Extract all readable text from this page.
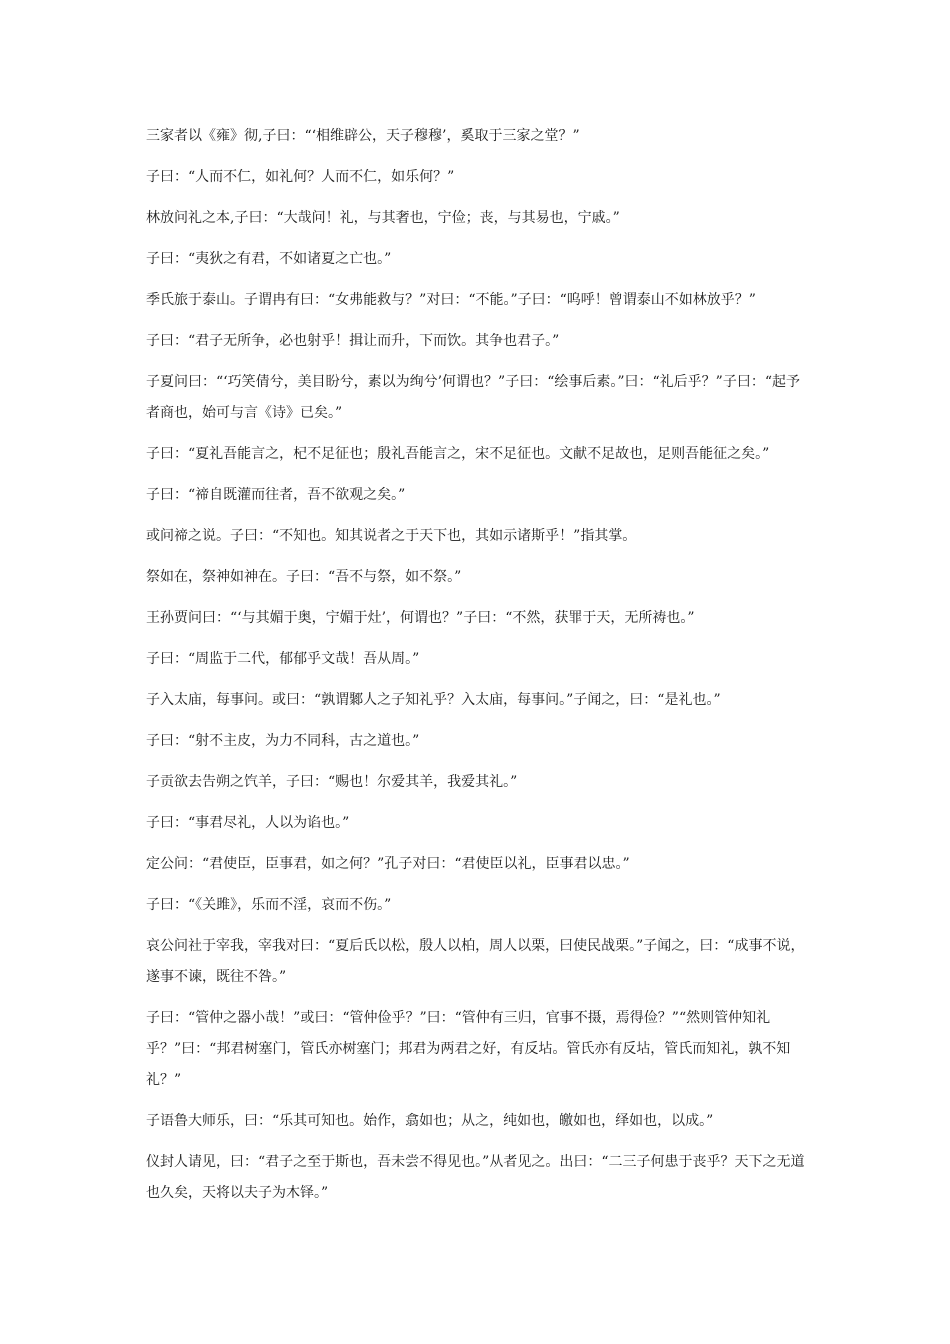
三家者以《雍》彻,子曰：“‘相维辟公，天子穆穆’，奚取于三家之堂？”

子曰：“人而不仁，如礼何？人而不仁，如乐何？”

林放问礼之本,子曰：“大哉问！礼，与其奢也，宁俭；丧，与其易也，宁戚。”

子曰：“夷狄之有君，不如诸夏之亡也。”

季氏旅于泰山。子谓冉有曰：“女弗能救与？”对曰：“不能。”子曰：“呜呼！曾谓泰山不如林放乎？”

子曰：“君子无所争，必也射乎！揖让而升，下而饮。其争也君子。”

子夏问曰：“‘巧笑倩兮，美目盼兮，素以为绚兮’何谓也？”子曰：“绘事后素。”曰：“礼后乎？”子曰：“起予者商也，始可与言《诗》已矣。”

子曰：“夏礼吾能言之，杞不足征也；殷礼吾能言之，宋不足征也。文献不足故也，足则吾能征之矣。”

子曰：“禘自既灌而往者，吾不欲观之矣。”

或问禘之说。子曰：“不知也。知其说者之于天下也，其如示诸斯乎！”指其掌。

祭如在，祭神如神在。子曰：“吾不与祭，如不祭。”

王孙贾问曰：“‘与其媚于奥，宁媚于灶’，何谓也？”子曰：“不然，获罪于天，无所祷也。”

子曰：“周监于二代，郁郁乎文哉！吾从周。”

子入太庙，每事问。或曰：“孰谓鄹人之子知礼乎？入太庙，每事问。”子闻之，曰：“是礼也。”

子曰：“射不主皮，为力不同科，古之道也。”

子贡欲去告朔之饩羊，子曰：“赐也！尔爱其羊，我爱其礼。”

子曰：“事君尽礼，人以为谄也。”

定公问：“君使臣，臣事君，如之何？”孔子对曰：“君使臣以礼，臣事君以忠。”

子曰：“《关雎》，乐而不淫，哀而不伤。”

哀公问社于宰我，宰我对曰：“夏后氏以松，殷人以柏，周人以栗，曰使民战栗。”子闻之，曰：“成事不说，遂事不谏，既往不咎。”

子曰：“管仲之器小哉！”或曰：“管仲俭乎？”曰：“管仲有三归，官事不摄，焉得俭？”“然则管仲知礼乎？”曰：“邦君树塞门，管氏亦树塞门；邦君为两君之好，有反坫。管氏亦有反坫，管氏而知礼，孰不知礼？”

子语鲁大师乐，曰：“乐其可知也。始作，翕如也；从之，纯如也，皦如也，绎如也，以成。”

仪封人请见，曰：“君子之至于斯也，吾未尝不得见也。”从者见之。出曰：“二三子何患于丧乎？天下之无道也久矣，天将以夫子为木铎。”
